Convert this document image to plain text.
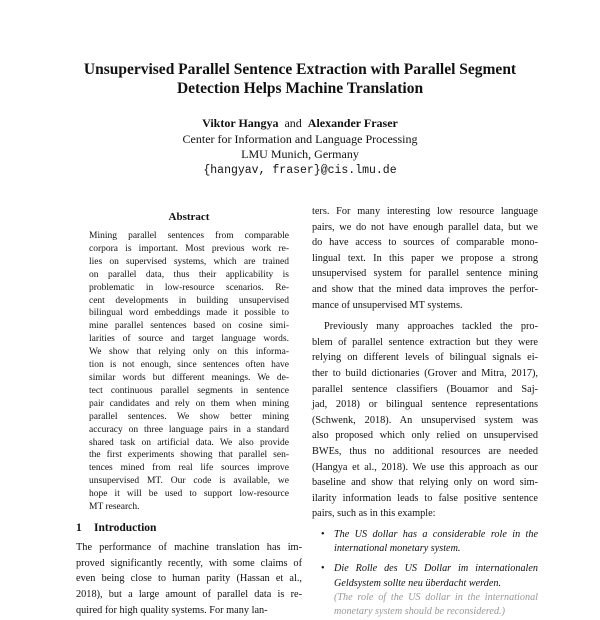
Unsupervised Parallel Sentence Extraction with Parallel Segment
Detection Helps Machine Translation
Viktor Hangya and Alexander Fraser
Center for Information and Language Processing
LMU Munich, Germany
{hangyav, fraser}@cis.lmu.de
Abstract
Mining parallel sentences from comparable
corpora is important. Most previous work re-
lies on supervised systems, which are trained
on parallel data, thus their applicability is
problematic in low-resource scenarios. Re-
cent developments in building unsupervised
bilingual word embeddings made it possible to
mine parallel sentences based on cosine simi-
larities of source and target language words.
We show that relying only on this informa-
tion is not enough, since sentences often have
similar words but different meanings. We de-
tect continuous parallel segments in sentence
pair candidates and rely on them when mining
parallel sentences. We show better mining
accuracy on three language pairs in a standard
shared task on artificial data. We also provide
the first experiments showing that parallel sen-
tences mined from real life sources improve
unsupervised MT. Our code is available, we
hope it will be used to support low-resource
MT research.
1 Introduction
The performance of machine translation has im-
proved significantly recently, with some claims of
even being close to human parity (Hassan et al.,
2018), but a large amount of parallel data is re-
quired for high quality systems. For many lan-
ters. For many interesting low resource language
pairs, we do not have enough parallel data, but we
do have access to sources of comparable mono-
lingual text. In this paper we propose a strong
unsupervised system for parallel sentence mining
and show that the mined data improves the perfor-
mance of unsupervised MT systems.
Previously many approaches tackled the pro-
blem of parallel sentence extraction but they were
relying on different levels of bilingual signals ei-
ther to build dictionaries (Grover and Mitra, 2017),
parallel sentence classifiers (Bouamor and Saj-
jad, 2018) or bilingual sentence representations
(Schwenk, 2018). An unsupervised system was
also proposed which only relied on unsupervised
BWEs, thus no additional resources are needed
(Hangya et al., 2018). We use this approach as our
baseline and show that relying only on word sim-
ilarity information leads to false positive sentence
pairs, such as in this example:
• The US dollar has a considerable role in the
international monetary system.
• Die Rolle des US Dollar im internationalen
Geldsystem sollte neu überdacht werden.
(The role of the US dollar in the international
monetary system should be reconsidered.)
